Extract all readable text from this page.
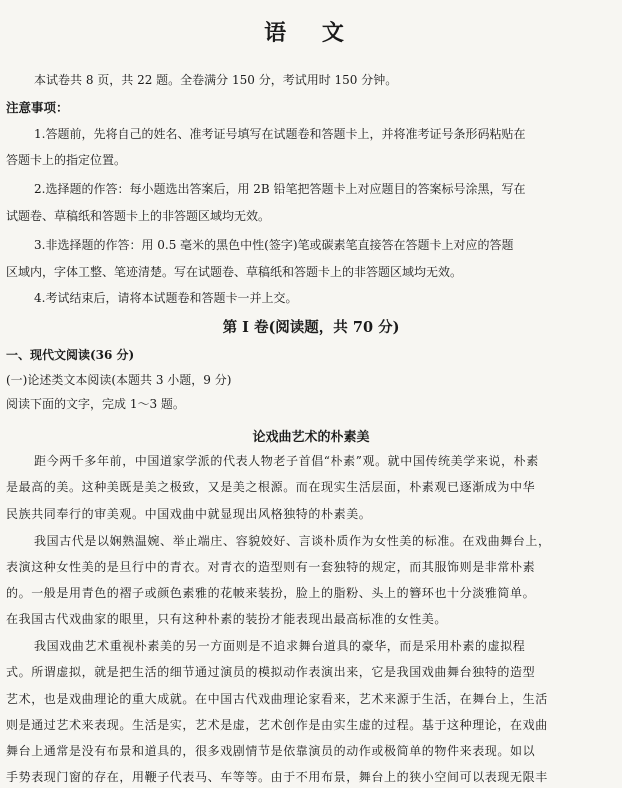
语 文
本试卷共 8 页，共 22 题。全卷满分 150 分，考试用时 150 分钟。
注意事项：
1.答题前，先将自己的姓名、准考证号填写在试题卷和答题卡上，并将准考证号条形码粘贴在
答题卡上的指定位置。
2.选择题的作答：每小题选出答案后，用 2B 铅笔把答题卡上对应题目的答案标号涂黑，写在
试题卷、草稿纸和答题卡上的非答题区域均无效。
3.非选择题的作答：用 0.5 毫米的黑色中性(签字)笔或碳素笔直接答在答题卡上对应的答题
区域内，字体工整、笔迹清楚。写在试题卷、草稿纸和答题卡上的非答题区域均无效。
4.考试结束后，请将本试题卷和答题卡一并上交。
第 I 卷(阅读题，共 70 分)
一、现代文阅读(36 分)
(一)论述类文本阅读(本题共 3 小题，9 分)
阅读下面的文字，完成 1～3 题。
论戏曲艺术的朴素美
距今两千多年前，中国道家学派的代表人物老子首倡“朴素”观。就中国传统美学来说，朴素
是最高的美。这种美既是美之极致，又是美之根源。而在现实生活层面，朴素观已逐渐成为中华
民族共同奉行的审美观。中国戏曲中就显现出风格独特的朴素美。
我国古代是以娴熟温婉、举止端庄、容貌姣好、言谈朴质作为女性美的标准。在戏曲舞台上，
表演这种女性美的是旦行中的青衣。对青衣的造型则有一套独特的规定，而其服饰则是非常朴素
的。一般是用青色的褶子或颜色素雅的花帔来装扮，脸上的脂粉、头上的簪环也十分淡雅简单。
在我国古代戏曲家的眼里，只有这种朴素的装扮才能表现出最高标准的女性美。
我国戏曲艺术重视朴素美的另一方面则是不追求舞台道具的豪华，而是采用朴素的虚拟程
式。所谓虚拟，就是把生活的细节通过演员的模拟动作表演出来，它是我国戏曲舞台独特的造型
艺术，也是戏曲理论的重大成就。在中国古代戏曲理论家看来，艺术来源于生活，在舞台上，生活
则是通过艺术来表现。生活是实，艺术是虚，艺术创作是由实生虚的过程。基于这种理论，在戏曲
舞台上通常是没有布景和道具的，很多戏剧情节是依靠演员的动作或极简单的物件来表现。如以
手势表现门窗的存在，用鞭子代表马、车等等。由于不用布景，舞台上的狭小空间可以表现无限丰
